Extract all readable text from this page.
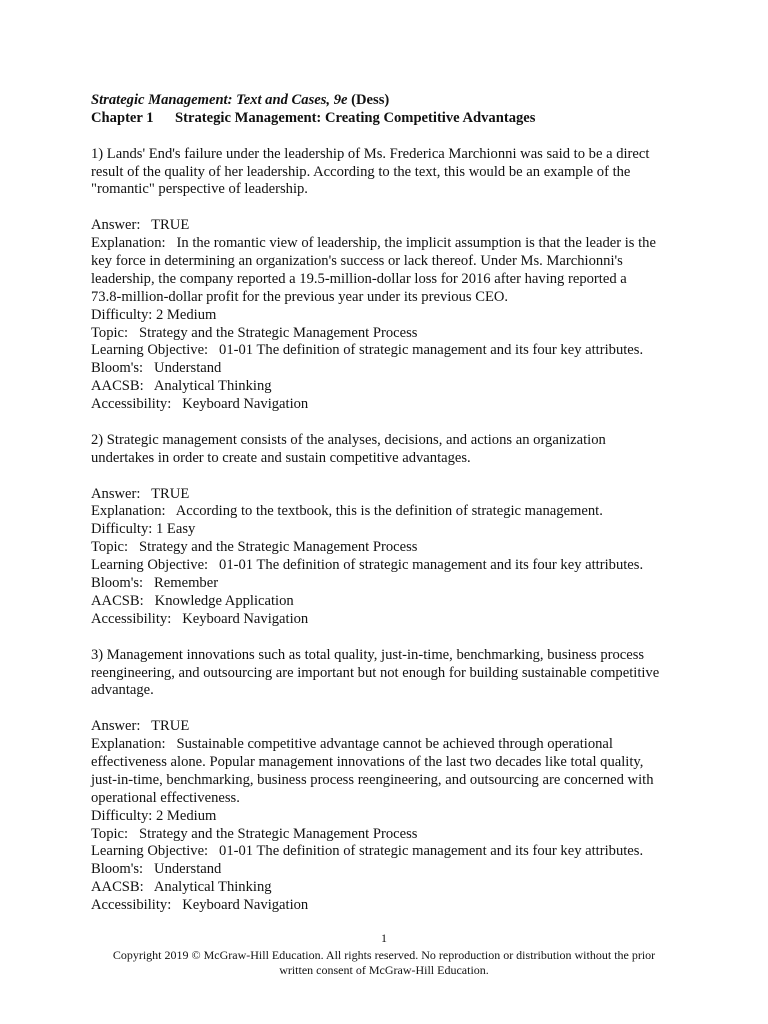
Strategic Management: Text and Cases, 9e (Dess)
Chapter 1 Strategic Management: Creating Competitive Advantages
1) Lands' End's failure under the leadership of Ms. Frederica Marchionni was said to be a direct
result of the quality of her leadership. According to the text, this would be an example of the
"romantic" perspective of leadership.
Answer:   TRUE
Explanation:   In the romantic view of leadership, the implicit assumption is that the leader is the
key force in determining an organization's success or lack thereof. Under Ms. Marchionni's
leadership, the company reported a 19.5-million-dollar loss for 2016 after having reported a
73.8-million-dollar profit for the previous year under its previous CEO.
Difficulty: 2 Medium
Topic:   Strategy and the Strategic Management Process
Learning Objective:   01-01 The definition of strategic management and its four key attributes.
Bloom's:   Understand
AACSB:   Analytical Thinking
Accessibility:   Keyboard Navigation
2) Strategic management consists of the analyses, decisions, and actions an organization
undertakes in order to create and sustain competitive advantages.
Answer:   TRUE
Explanation:   According to the textbook, this is the definition of strategic management.
Difficulty: 1 Easy
Topic:   Strategy and the Strategic Management Process
Learning Objective:   01-01 The definition of strategic management and its four key attributes.
Bloom's:   Remember
AACSB:   Knowledge Application
Accessibility:   Keyboard Navigation
3) Management innovations such as total quality, just-in-time, benchmarking, business process
reengineering, and outsourcing are important but not enough for building sustainable competitive
advantage.
Answer:   TRUE
Explanation:   Sustainable competitive advantage cannot be achieved through operational
effectiveness alone. Popular management innovations of the last two decades like total quality,
just-in-time, benchmarking, business process reengineering, and outsourcing are concerned with
operational effectiveness.
Difficulty: 2 Medium
Topic:   Strategy and the Strategic Management Process
Learning Objective:   01-01 The definition of strategic management and its four key attributes.
Bloom's:   Understand
AACSB:   Analytical Thinking
Accessibility:   Keyboard Navigation
1
Copyright 2019 © McGraw-Hill Education. All rights reserved. No reproduction or distribution without the prior
written consent of McGraw-Hill Education.
